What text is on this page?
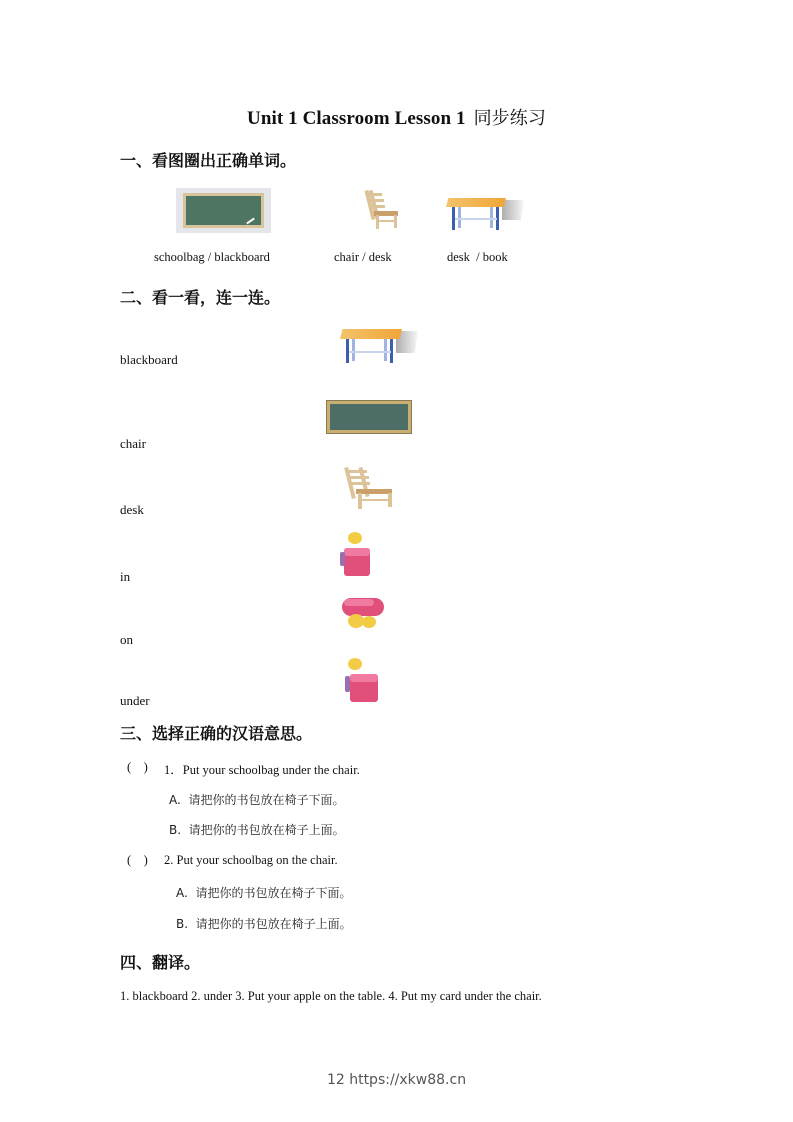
Unit 1 Classroom Lesson 1 同步练习
一、看图圈出正确单词。
schoolbag / blackboard	chair / desk	desk  / book
二、看一看，连一连。
blackboard
chair
desk
in
on
under
三、选择正确的汉语意思。
(    ) 1．Put your schoolbag under the chair.
A.  请把你的书包放在椅子下面。
B.  请把你的书包放在椅子上面。
(    ) 2. Put your schoolbag on the chair.
A.  请把你的书包放在椅子下面。
B.  请把你的书包放在椅子上面。
四、翻译。
1. blackboard 2. under 3. Put your apple on the table. 4. Put my card under the chair.
12 https://xkw88.cn
